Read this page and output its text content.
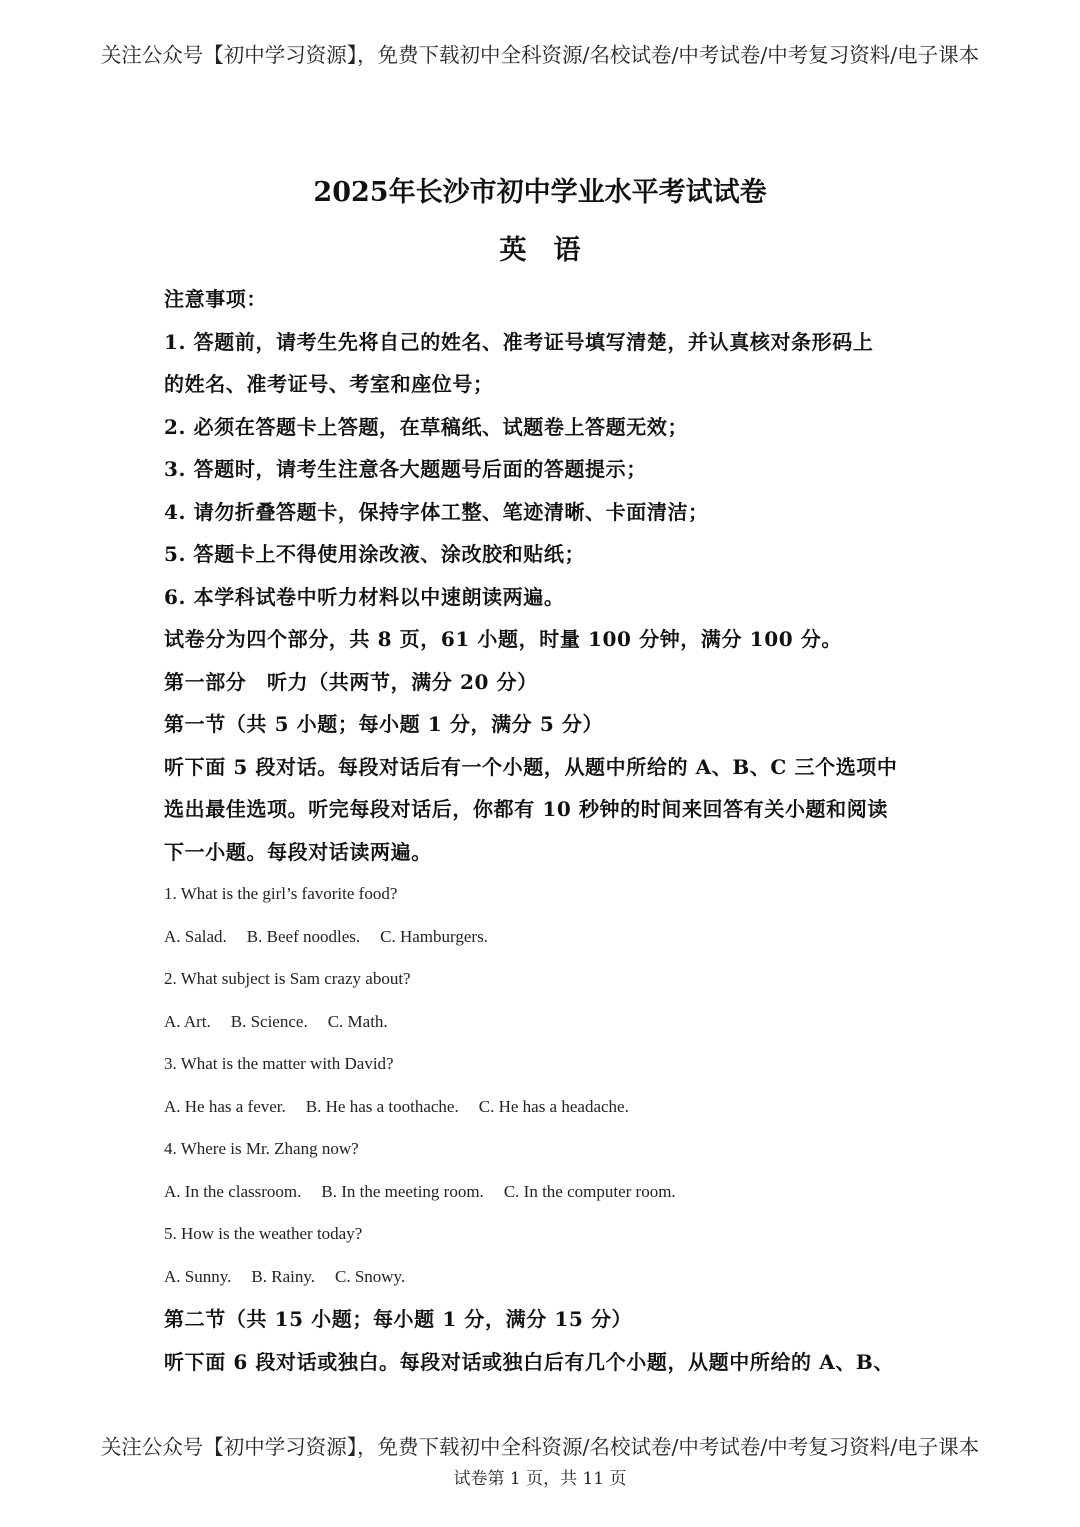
关注公众号【初中学习资源】，免费下载初中全科资源/名校试卷/中考试卷/中考复习资料/电子课本
2025年长沙市初中学业水平考试试卷
英　语
注意事项：
1. 答题前，请考生先将自己的姓名、准考证号填写清楚，并认真核对条形码上
的姓名、准考证号、考室和座位号；
2. 必须在答题卡上答题，在草稿纸、试题卷上答题无效；
3. 答题时，请考生注意各大题题号后面的答题提示；
4. 请勿折叠答题卡，保持字体工整、笔迹清晰、卡面清洁；
5. 答题卡上不得使用涂改液、涂改胶和贴纸；
6. 本学科试卷中听力材料以中速朗读两遍。
试卷分为四个部分，共 8 页，61 小题，时量 100 分钟，满分 100 分。
第一部分　听力（共两节，满分 20 分）
第一节（共 5 小题；每小题 1 分，满分 5 分）
听下面 5 段对话。每段对话后有一个小题，从题中所给的 A、B、C 三个选项中
选出最佳选项。听完每段对话后，你都有 10 秒钟的时间来回答有关小题和阅读
下一小题。每段对话读两遍。
1. What is the girl’s favorite food?
A. Salad. B. Beef noodles. C. Hamburgers.
2. What subject is Sam crazy about?
A. Art. B. Science. C. Math.
3. What is the matter with David?
A. He has a fever. B. He has a toothache. C. He has a headache.
4. Where is Mr. Zhang now?
A. In the classroom. B. In the meeting room. C. In the computer room.
5. How is the weather today?
A. Sunny. B. Rainy. C. Snowy.
第二节（共 15 小题；每小题 1 分，满分 15 分）
听下面 6 段对话或独白。每段对话或独白后有几个小题，从题中所给的 A、B、
关注公众号【初中学习资源】，免费下载初中全科资源/名校试卷/中考试卷/中考复习资料/电子课本
试卷第 1 页，共 11 页
